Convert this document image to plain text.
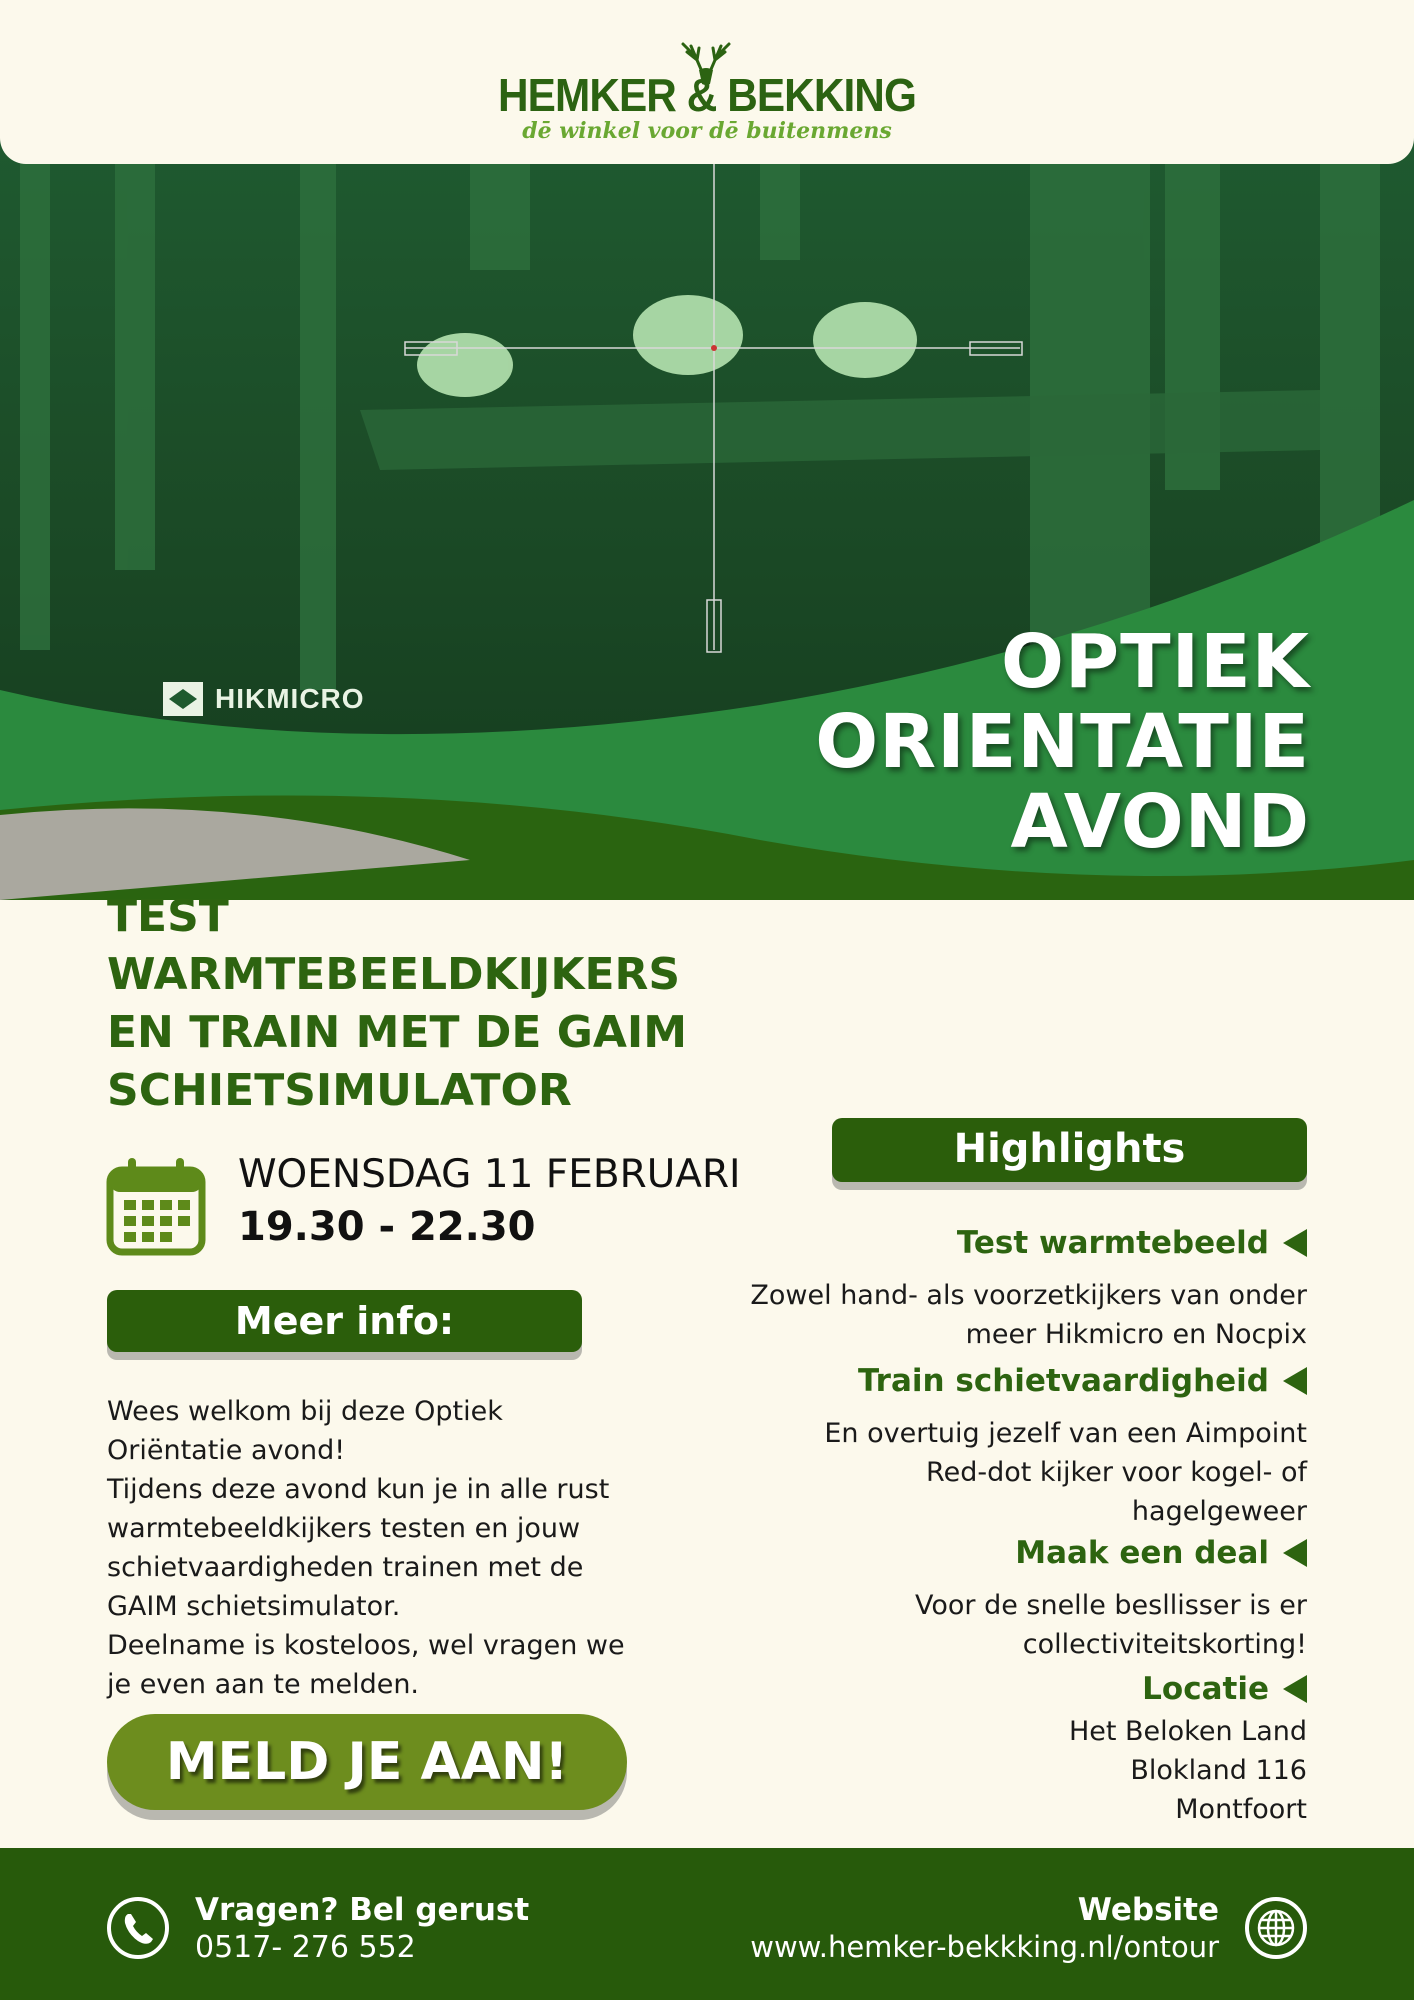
HEMKER & BEKKING
dē winkel voor dē buitenmens
HIKMICRO	OPTIEK
ORIENTATIE
AVOND
TEST
WARMTEBEELDKIJKERS
EN TRAIN MET DE GAIM
SCHIETSIMULATOR
WOENSDAG 11 FEBRUARI
19.30 - 22.30
Meer info:
Wees welkom bij deze Optiek
Oriëntatie avond!
Tijdens deze avond kun je in alle rust
warmtebeeldkijkers testen en jouw
schietvaardigheden trainen met de
GAIM schietsimulator.
Deelname is kosteloos, wel vragen we
je even aan te melden.
MELD JE AAN!
Highlights
Test warmtebeeld
Zowel hand- als voorzetkijkers van onder
meer Hikmicro en Nocpix
Train schietvaardigheid
En overtuig jezelf van een Aimpoint
Red-dot kijker voor kogel- of
hagelgeweer
Maak een deal
Voor de snelle besllisser is er
collectiviteitskorting!
Locatie
Het Beloken Land
Blokland 116
Montfoort
Vragen? Bel gerust
0517- 276 552
Website
www.hemker-bekkking.nl/ontour
